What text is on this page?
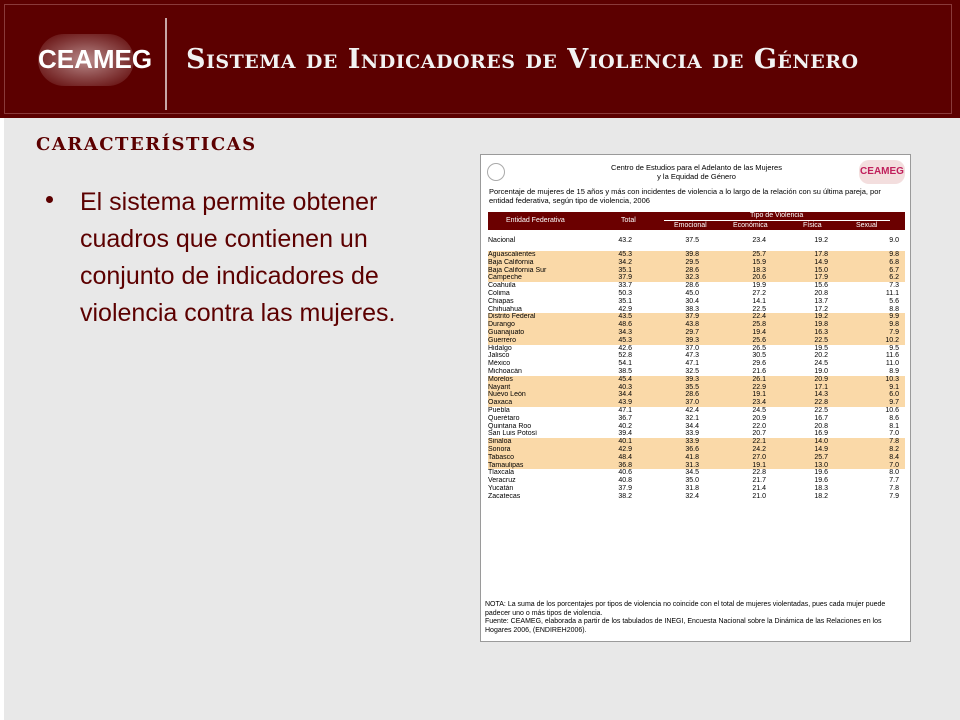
CEAMEG Sistema de Indicadores de Violencia de Género
CARACTERÍSTICAS
El sistema permite obtener cuadros que contienen un conjunto de indicadores de violencia contra las mujeres.
CEAMEG
Centro de Estudios para el Adelanto de las Mujeres
y la Equidad de Género
Porcentaje de mujeres de 15 años y más con incidentes de violencia a lo largo de la relación con su última pareja, por entidad federativa, según tipo de violencia, 2006
Entidad Federativa	Total
Tipo de Violencia
Emocional	Económica	Física	Sexual
Nacional	43.2	37.5	23.4	19.2	9.0

Aguascalientes	45.3	39.8	25.7	17.8	9.8
Baja California	34.2	29.5	15.9	14.9	6.8
Baja California Sur	35.1	28.6	18.3	15.0	6.7
Campeche	37.9	32.3	20.6	17.9	6.2
Coahuila	33.7	28.6	19.9	15.6	7.3
Colima	50.3	45.0	27.2	20.8	11.1
Chiapas	35.1	30.4	14.1	13.7	5.6
Chihuahua	42.9	38.3	22.5	17.2	8.8
Distrito Federal	43.5	37.9	22.4	19.2	9.9
Durango	48.6	43.8	25.8	19.8	9.8
Guanajuato	34.3	29.7	19.4	16.3	7.9
Guerrero	45.3	39.3	25.6	22.5	10.2
Hidalgo	42.6	37.0	26.5	19.5	9.5
Jalisco	52.8	47.3	30.5	20.2	11.6
México	54.1	47.1	29.6	24.5	11.0
Michoacán	38.5	32.5	21.6	19.0	8.9
Morelos	45.4	39.3	26.1	20.9	10.3
Nayarit	40.3	35.5	22.9	17.1	9.1
Nuevo León	34.4	28.6	19.1	14.3	6.0
Oaxaca	43.9	37.0	23.4	22.8	9.7
Puebla	47.1	42.4	24.5	22.5	10.6
Querétaro	36.7	32.1	20.9	16.7	8.6
Quintana Roo	40.2	34.4	22.0	20.8	8.1
San Luis Potosí	39.4	33.9	20.7	16.9	7.0
Sinaloa	40.1	33.9	22.1	14.0	7.8
Sonora	42.9	36.6	24.2	14.9	8.2
Tabasco	48.4	41.8	27.0	25.7	8.4
Tamaulipas	36.8	31.3	19.1	13.0	7.0
Tlaxcala	40.6	34.5	22.8	19.6	8.0
Veracruz	40.8	35.0	21.7	19.6	7.7
Yucatán	37.9	31.8	21.4	18.3	7.8
Zacatecas	38.2	32.4	21.0	18.2	7.9
NOTA: La suma de los porcentajes por tipos de violencia no coincide con el total de mujeres violentadas, pues cada mujer puede padecer uno o más tipos de violencia.
Fuente: CEAMEG, elaborada a partir de los tabulados de INEGI, Encuesta Nacional sobre la Dinámica de las Relaciones en los Hogares 2006, (ENDIREH2006).
